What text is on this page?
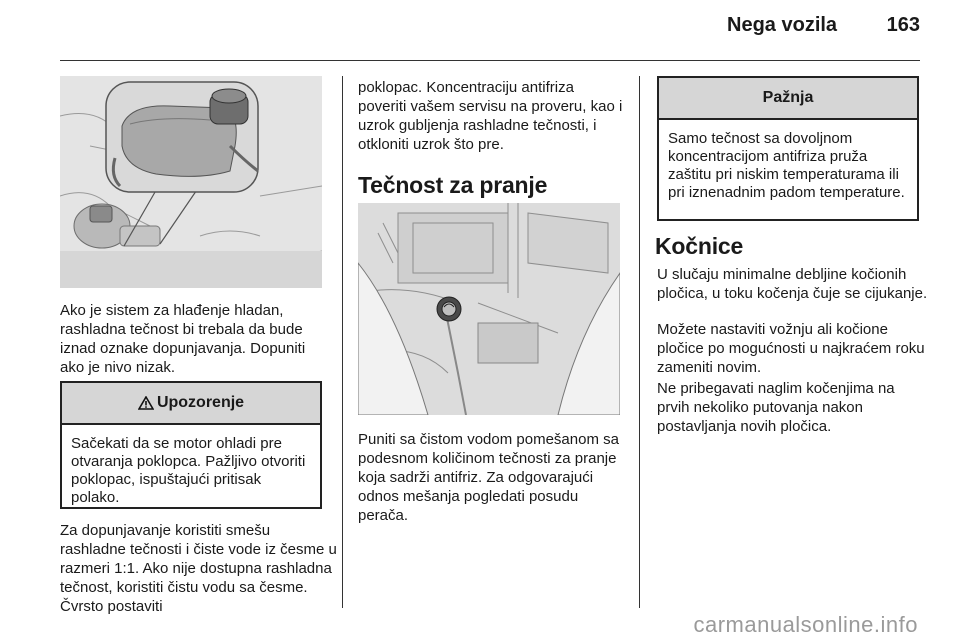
Nega vozila 163

Ako je sistem za hlađenje hladan, rashladna tečnost bi trebala da bude iznad oznake dopunjavanja. Dopuniti ako je nivo nizak.

Upozorenje
Sačekati da se motor ohladi pre otvaranja poklopca. Pažljivo otvoriti poklopac, ispuštajući pritisak polako.

Za dopunjavanje koristiti smešu rashladne tečnosti i čiste vode iz česme u razmeri 1:1. Ako nije dostupna rashladna tečnost, koristiti čistu vodu sa česme. Čvrsto postaviti

poklopac. Koncentraciju antifriza poveriti vašem servisu na proveru, kao i uzrok gubljenja rashladne tečnosti, i otkloniti uzrok što pre.

Tečnost za pranje

Puniti sa čistom vodom pomešanom sa podesnom količinom tečnosti za pranje koja sadrži antifriz. Za odgovarajući odnos mešanja pogledati posudu perača.

Pažnja
Samo tečnost sa dovoljnom koncentracijom antifriza pruža zaštitu pri niskim temperaturama ili pri iznenadnim padom temperature.
Kočnice

U slučaju minimalne debljine kočionih pločica, u toku kočenja čuje se cijukanje.

Možete nastaviti vožnju ali kočione pločice po mogućnosti u najkraćem roku zameniti novim.

Ne pribegavati naglim kočenjima na prvih nekoliko putovanja nakon postavljanja novih pločica.

carmanualsonline.info
